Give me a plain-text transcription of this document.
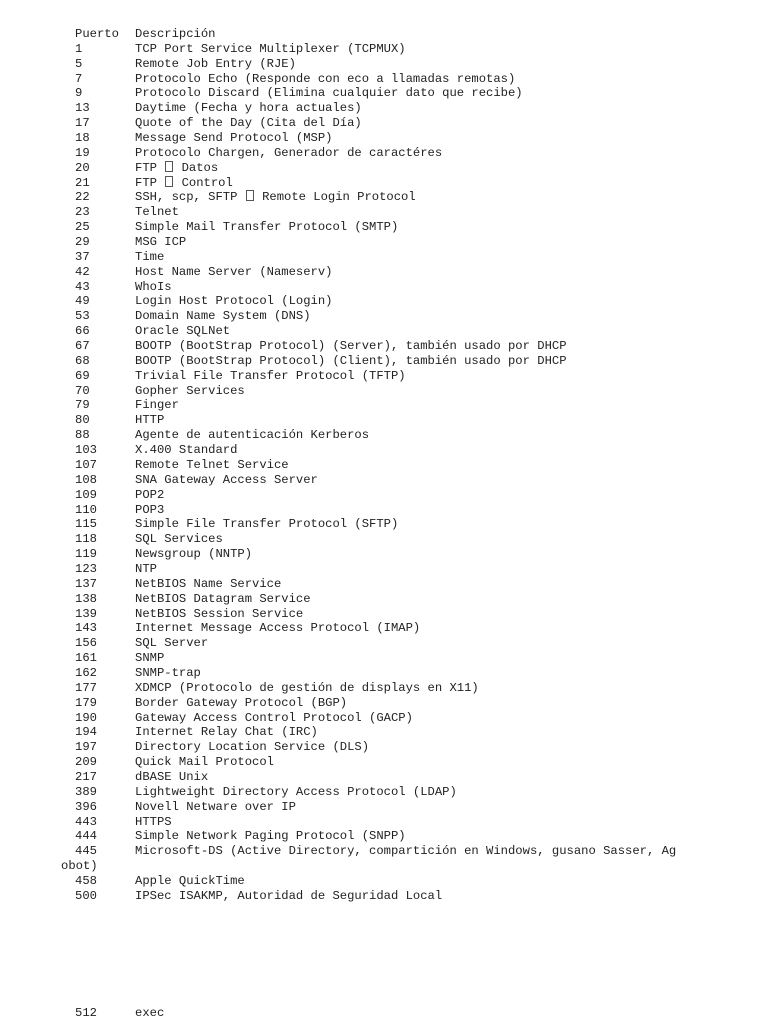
Puerto	Descripción
1	TCP Port Service Multiplexer (TCPMUX)
5	Remote Job Entry (RJE)
7	Protocolo Echo (Responde con eco a llamadas remotas)
9	Protocolo Discard (Elimina cualquier dato que recibe)
13	Daytime (Fecha y hora actuales)
17	Quote of the Day (Cita del Día)
18	Message Send Protocol (MSP)
19	Protocolo Chargen, Generador de caractéres
20	FTP Datos
21	FTP Control
22	SSH, scp, SFTP Remote Login Protocol
23	Telnet
25	Simple Mail Transfer Protocol (SMTP)
29	MSG ICP
37	Time
42	Host Name Server (Nameserv)
43	WhoIs
49	Login Host Protocol (Login)
53	Domain Name System (DNS)
66	Oracle SQLNet
67	BOOTP (BootStrap Protocol) (Server), también usado por DHCP
68	BOOTP (BootStrap Protocol) (Client), también usado por DHCP
69	Trivial File Transfer Protocol (TFTP)
70	Gopher Services
79	Finger
80	HTTP
88	Agente de autenticación Kerberos
103	X.400 Standard
107	Remote Telnet Service
108	SNA Gateway Access Server
109	POP2
110	POP3
115	Simple File Transfer Protocol (SFTP)
118	SQL Services
119	Newsgroup (NNTP)
123	NTP
137	NetBIOS Name Service
138	NetBIOS Datagram Service
139	NetBIOS Session Service
143	Internet Message Access Protocol (IMAP)
156	SQL Server
161	SNMP
162	SNMP-trap
177	XDMCP (Protocolo de gestión de displays en X11)
179	Border Gateway Protocol (BGP)
190	Gateway Access Control Protocol (GACP)
194	Internet Relay Chat (IRC)
197	Directory Location Service (DLS)
209	Quick Mail Protocol
217	dBASE Unix
389	Lightweight Directory Access Protocol (LDAP)
396	Novell Netware over IP
443	HTTPS
444	Simple Network Paging Protocol (SNPP)
445	Microsoft-DS (Active Directory, compartición en Windows, gusano Sasser, Ag
obot)
458	Apple QuickTime
500	IPSec ISAKMP, Autoridad de Seguridad Local
512	exec
